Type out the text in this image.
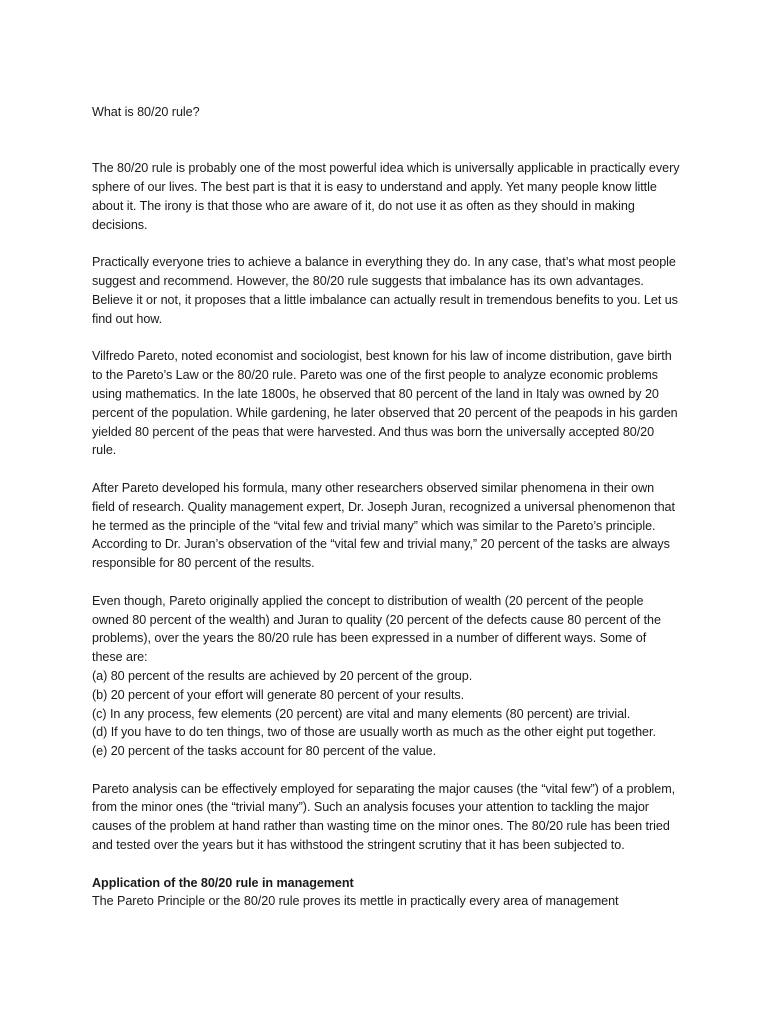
What is 80/20 rule?

The 80/20 rule is probably one of the most powerful idea which is universally applicable in practically every sphere of our lives. The best part is that it is easy to understand and apply. Yet many people know little about it. The irony is that those who are aware of it, do not use it as often as they should in making decisions.

Practically everyone tries to achieve a balance in everything they do. In any case, that’s what most people suggest and recommend. However, the 80/20 rule suggests that imbalance has its own advantages. Believe it or not, it proposes that a little imbalance can actually result in tremendous benefits to you. Let us find out how.

Vilfredo Pareto, noted economist and sociologist, best known for his law of income distribution, gave birth to the Pareto’s Law or the 80/20 rule. Pareto was one of the first people to analyze economic problems using mathematics. In the late 1800s, he observed that 80 percent of the land in Italy was owned by 20 percent of the population. While gardening, he later observed that 20 percent of the peapods in his garden yielded 80 percent of the peas that were harvested. And thus was born the universally accepted 80/20 rule.

After Pareto developed his formula, many other researchers observed similar phenomena in their own field of research. Quality management expert, Dr. Joseph Juran, recognized a universal phenomenon that he termed as the principle of the “vital few and trivial many” which was similar to the Pareto’s principle. According to Dr. Juran’s observation of the “vital few and trivial many,” 20 percent of the tasks are always responsible for 80 percent of the results.

Even though, Pareto originally applied the concept to distribution of wealth (20 percent of the people owned 80 percent of the wealth) and Juran to quality (20 percent of the defects cause 80 percent of the problems), over the years the 80/20 rule has been expressed in a number of different ways. Some of these are:

(a) 80 percent of the results are achieved by 20 percent of the group.

(b) 20 percent of your effort will generate 80 percent of your results.

(c) In any process, few elements (20 percent) are vital and many elements (80 percent) are trivial.

(d) If you have to do ten things, two of those are usually worth as much as the other eight put together.

(e) 20 percent of the tasks account for 80 percent of the value.

Pareto analysis can be effectively employed for separating the major causes (the “vital few”) of a problem, from the minor ones (the “trivial many”). Such an analysis focuses your attention to tackling the major causes of the problem at hand rather than wasting time on the minor ones. The 80/20 rule has been tried and tested over the years but it has withstood the stringent scrutiny that it has been subjected to.

Application of the 80/20 rule in management

The Pareto Principle or the 80/20 rule proves its mettle in practically every area of management
